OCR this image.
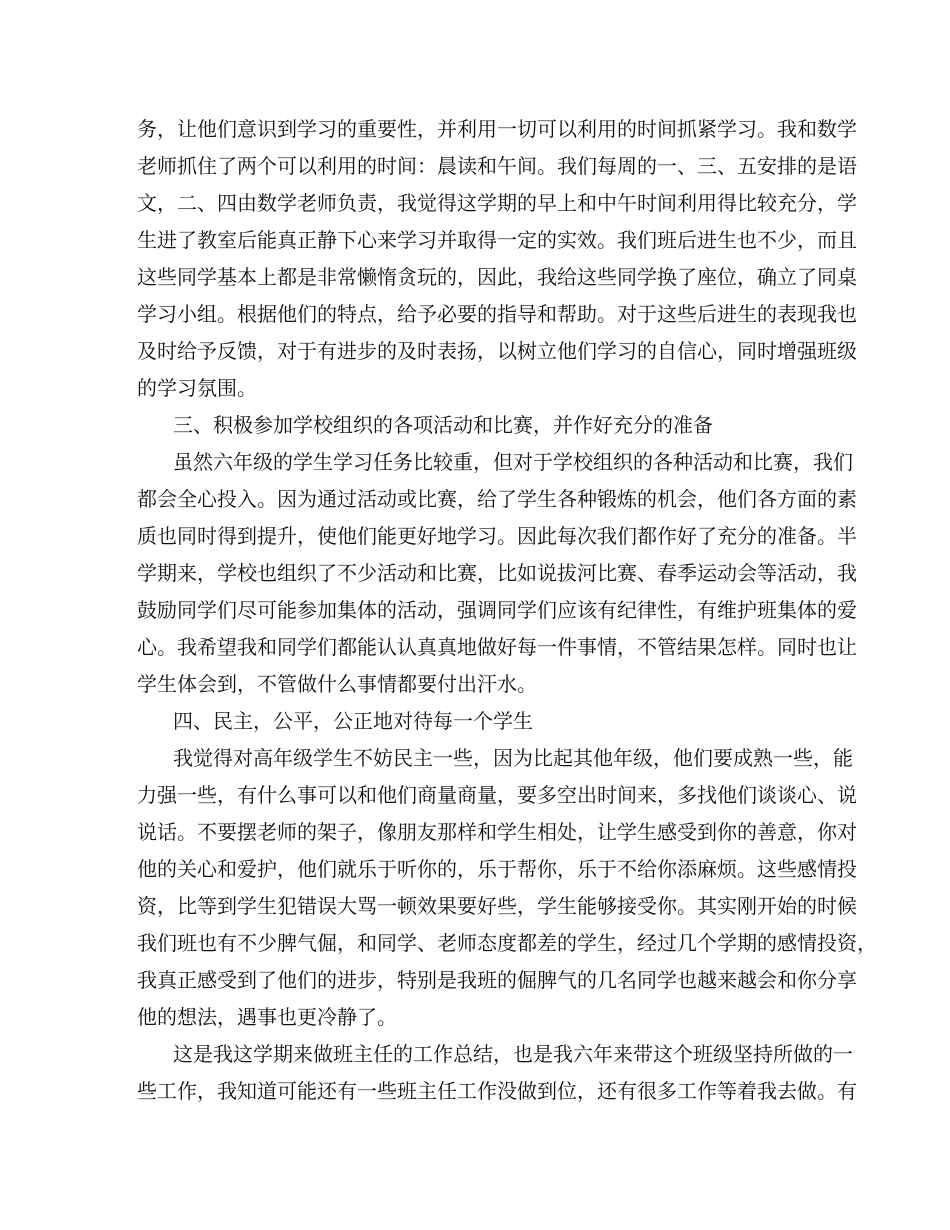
务，让他们意识到学习的重要性，并利用一切可以利用的时间抓紧学习。我和数学
老师抓住了两个可以利用的时间：晨读和午间。我们每周的一、三、五安排的是语
文，二、四由数学老师负责，我觉得这学期的早上和中午时间利用得比较充分，学
生进了教室后能真正静下心来学习并取得一定的实效。我们班后进生也不少，而且
这些同学基本上都是非常懒惰贪玩的，因此，我给这些同学换了座位，确立了同桌
学习小组。根据他们的特点，给予必要的指导和帮助。对于这些后进生的表现我也
及时给予反馈，对于有进步的及时表扬，以树立他们学习的自信心，同时增强班级
的学习氛围。
三、积极参加学校组织的各项活动和比赛，并作好充分的准备
虽然六年级的学生学习任务比较重，但对于学校组织的各种活动和比赛，我们
都会全心投入。因为通过活动或比赛，给了学生各种锻炼的机会，他们各方面的素
质也同时得到提升，使他们能更好地学习。因此每次我们都作好了充分的准备。半
学期来，学校也组织了不少活动和比赛，比如说拔河比赛、春季运动会等活动，我
鼓励同学们尽可能参加集体的活动，强调同学们应该有纪律性，有维护班集体的爱
心。我希望我和同学们都能认认真真地做好每一件事情，不管结果怎样。同时也让
学生体会到，不管做什么事情都要付出汗水。
四、民主，公平，公正地对待每一个学生
我觉得对高年级学生不妨民主一些，因为比起其他年级，他们要成熟一些，能
力强一些，有什么事可以和他们商量商量，要多空出时间来，多找他们谈谈心、说
说话。不要摆老师的架子，像朋友那样和学生相处，让学生感受到你的善意，你对
他的关心和爱护，他们就乐于听你的，乐于帮你，乐于不给你添麻烦。这些感情投
资，比等到学生犯错误大骂一顿效果要好些，学生能够接受你。其实刚开始的时候
我们班也有不少脾气倔，和同学、老师态度都差的学生，经过几个学期的感情投资，
我真正感受到了他们的进步，特别是我班的倔脾气的几名同学也越来越会和你分享
他的想法，遇事也更冷静了。
这是我这学期来做班主任的工作总结，也是我六年来带这个班级坚持所做的一
些工作，我知道可能还有一些班主任工作没做到位，还有很多工作等着我去做。有
